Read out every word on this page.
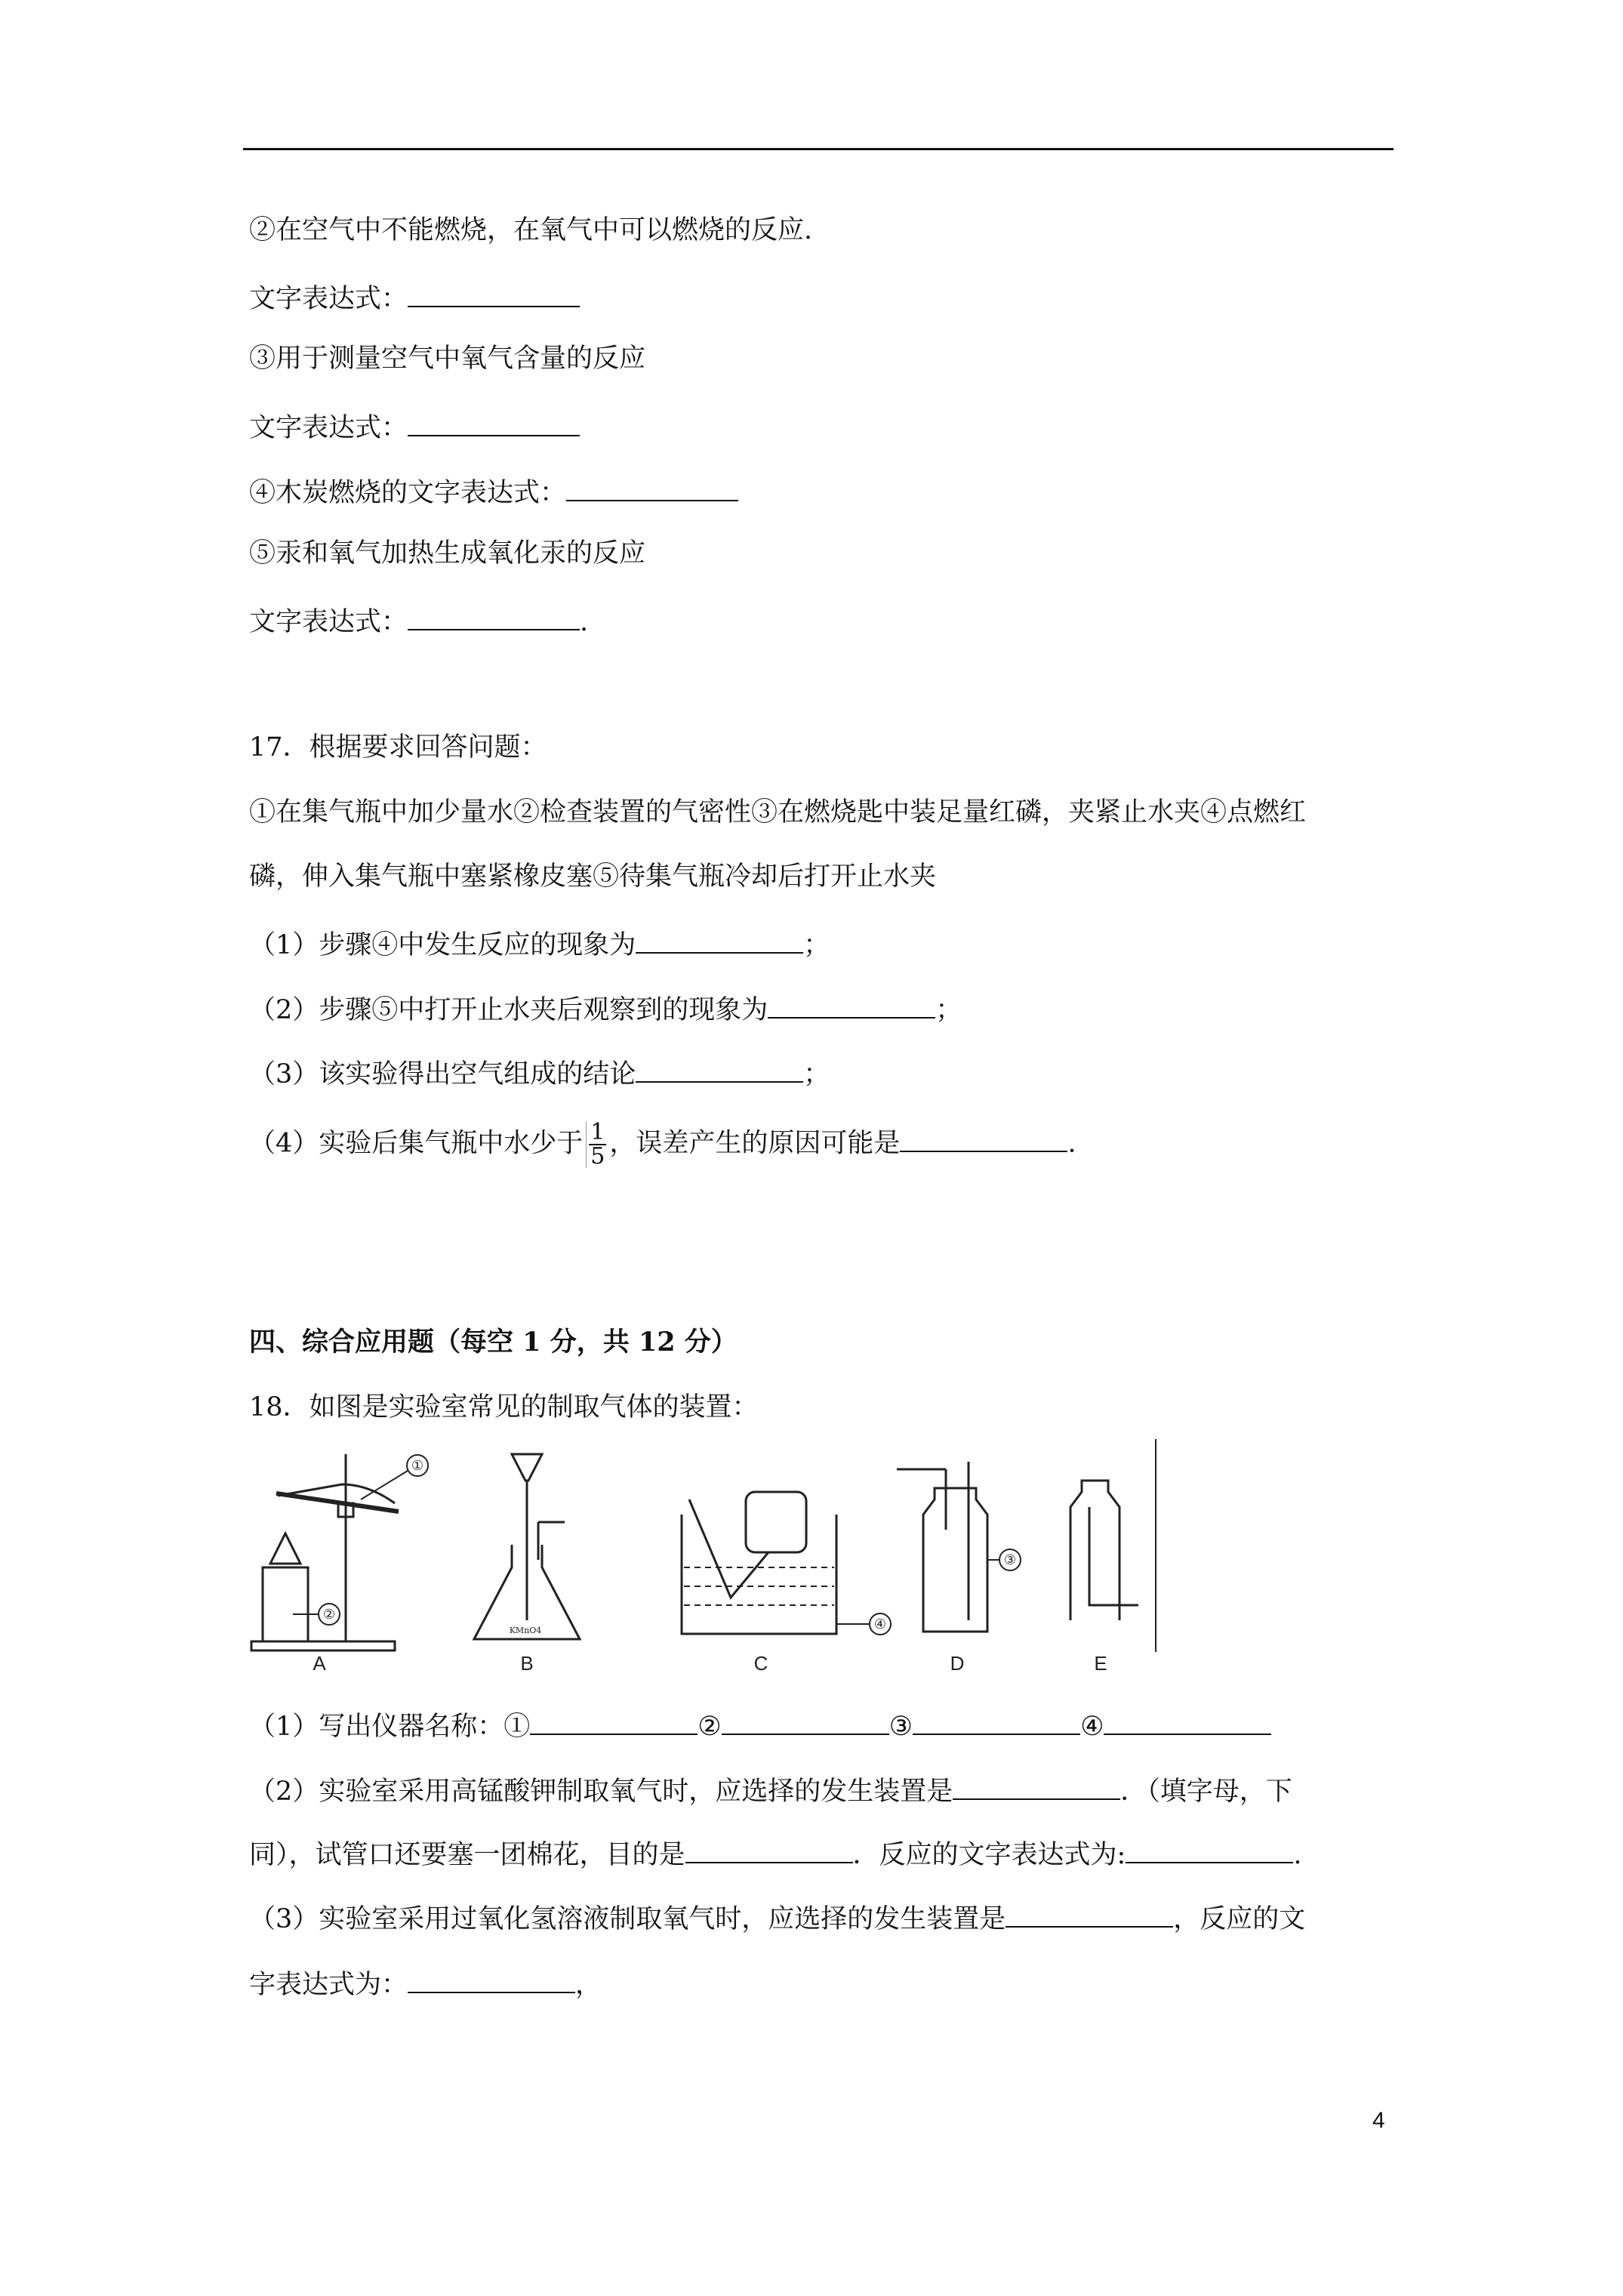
②在空气中不能燃烧，在氧气中可以燃烧的反应.
文字表达式：
③用于测量空气中氧气含量的反应
文字表达式：
④木炭燃烧的文字表达式：
⑤汞和氧气加热生成氧化汞的反应
文字表达式：	.
17．根据要求回答问题：
①在集气瓶中加少量水②检查装置的气密性③在燃烧匙中装足量红磷，夹紧止水夹④点燃红
磷，伸入集气瓶中塞紧橡皮塞⑤待集气瓶冷却后打开止水夹
（1）步骤④中发生反应的现象为	；
（2）步骤⑤中打开止水夹后观察到的现象为	；
（3）该实验得出空气组成的结论	；
（4）实验后集气瓶中水少于 $\frac{1}{5}$ ，误差产生的原因可能是	.
四、综合应用题（每空 1 分，共 12 分）
18．如图是实验室常见的制取气体的装置：
①
②
A
KMnO4
B
④
C
③
D	E
（1）写出仪器名称：①	②	③	④
（2）实验室采用高锰酸钾制取氧气时，应选择的发生装置是	．（填字母，下
同），试管口还要塞一团棉花，目的是	．反应的文字表达式为:	.
（3）实验室采用过氧化氢溶液制取氧气时，应选择的发生装置是	，反应的文
字表达式为：	，
4
